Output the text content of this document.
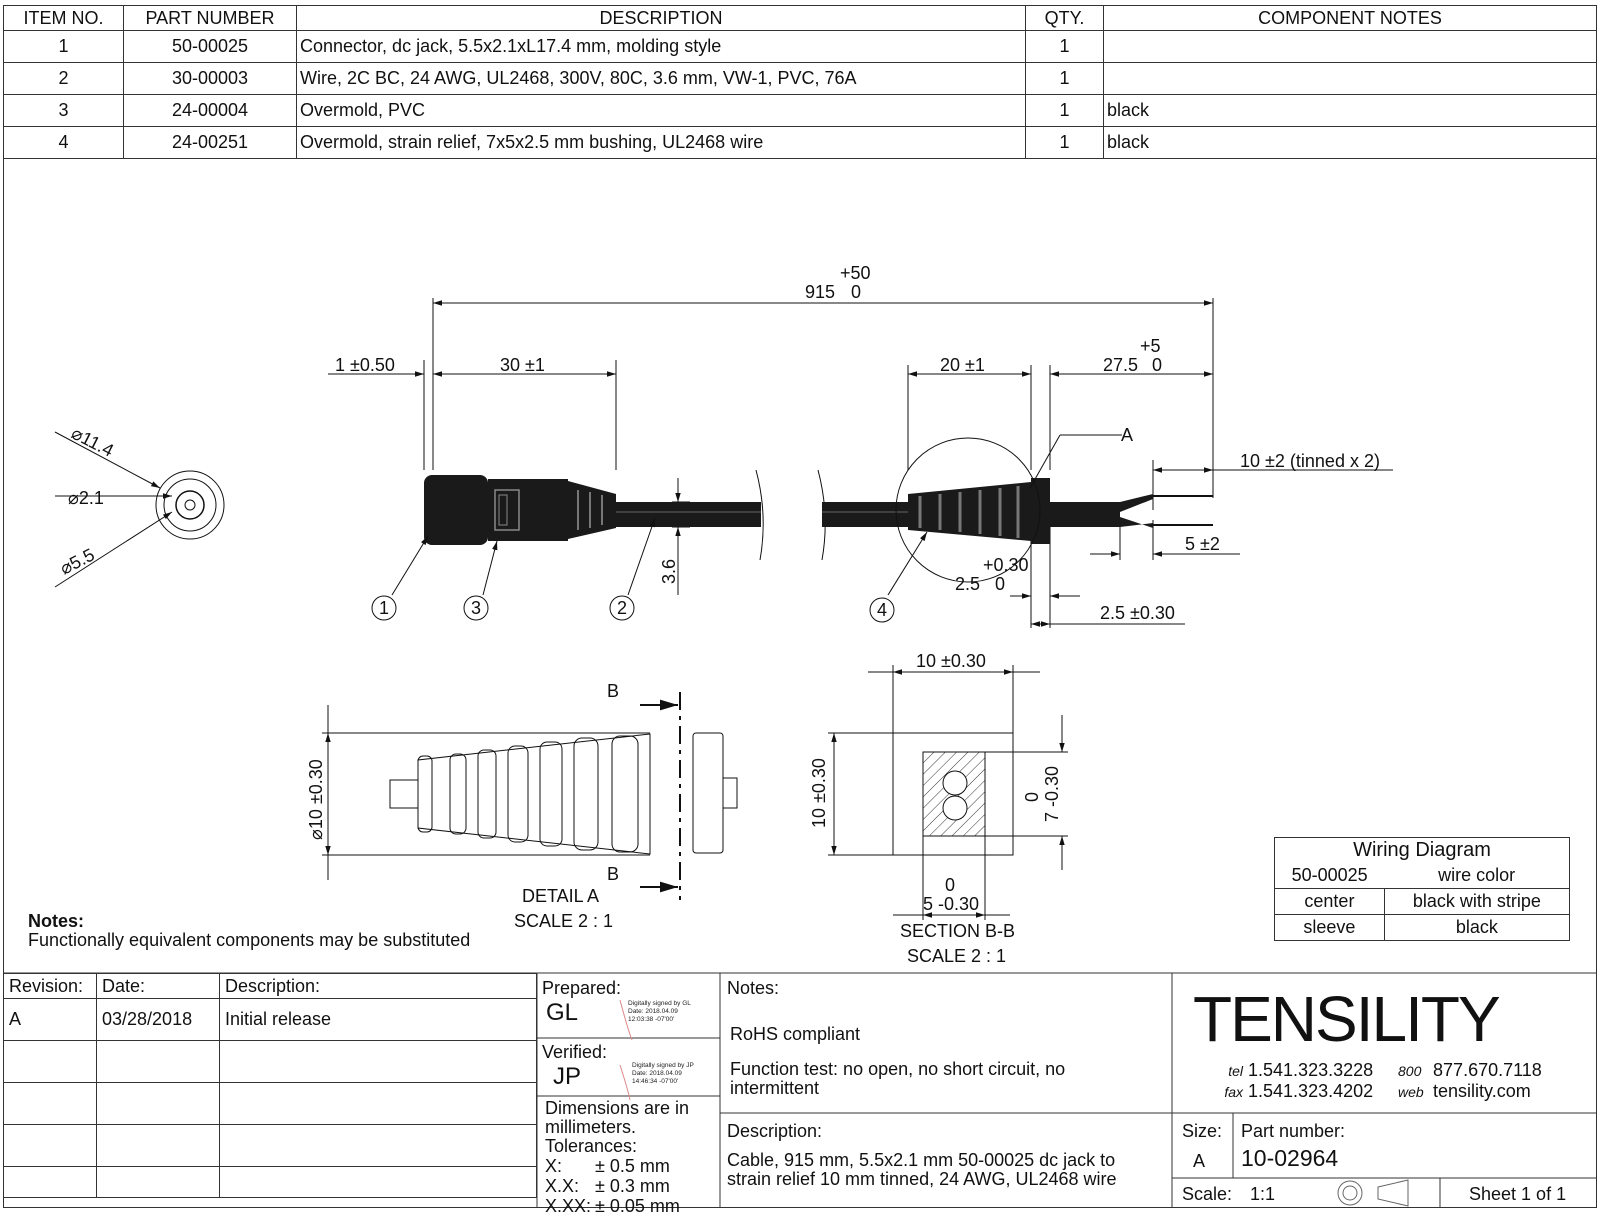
ITEM NO.	PART NUMBER	DESCRIPTION	QTY.	COMPONENT NOTES
1	50-00025	Connector, dc jack, 5.5x2.1xL17.4 mm, molding style	1	
2	30-00003	Wire, 2C BC, 24 AWG, UL2468, 300V, 80C, 3.6 mm, VW-1, PVC, 76A	1	
3	24-00004	Overmold, PVC	1	black
4	24-00251	Overmold, strain relief, 7x5x2.5 mm bushing, UL2468 wire	1	black
+50
915 0
1 ±0.50	30 ±1	20 ±1
+5
27.5 0
A
10 ±2 (tinned x 2)
5 ±2
+0.30
2.5 0
2.5 ±0.30
3.6
⌀11.4
⌀2.1
⌀5.5
1	3	2	4
⌀10 ±0.30
B
B
DETAIL A
SCALE 2 : 1
10 ±0.30
10 ±0.30
0
5 -0.30
0 7 -0.30
SECTION B-B
SCALE 2 : 1
Notes:
Functionally equivalent components may be substituted
Wiring Diagram	
50-00025	wire color
center	black with stripe
sleeve	black
Revision:	Date:	Description:
A	03/28/2018	Initial release

Prepared:
GL	Digitally signed by GL
Date: 2018.04.09
12:03:38 -07'00'
Verified:
JP	Digitally signed by JP
Date: 2018.04.09
14:46:34 -07'00'
Dimensions are in
millimeters.
Tolerances:
X: ± 0.5 mm
X.X: ± 0.3 mm
X.XX: ± 0.05 mm
Notes:
RoHS compliant
Function test: no open, no short circuit, no
intermittent
Description:
Cable, 915 mm, 5.5x2.1 mm 50-00025 dc jack to
strain relief 10 mm tinned, 24 AWG, UL2468 wire
TENSILITY
tel 1.541.323.3228 800 877.670.7118
fax 1.541.323.4202 web tensility.com
Size:
A
Part number:
10-02964
Scale: 1:1	Sheet 1 of 1
